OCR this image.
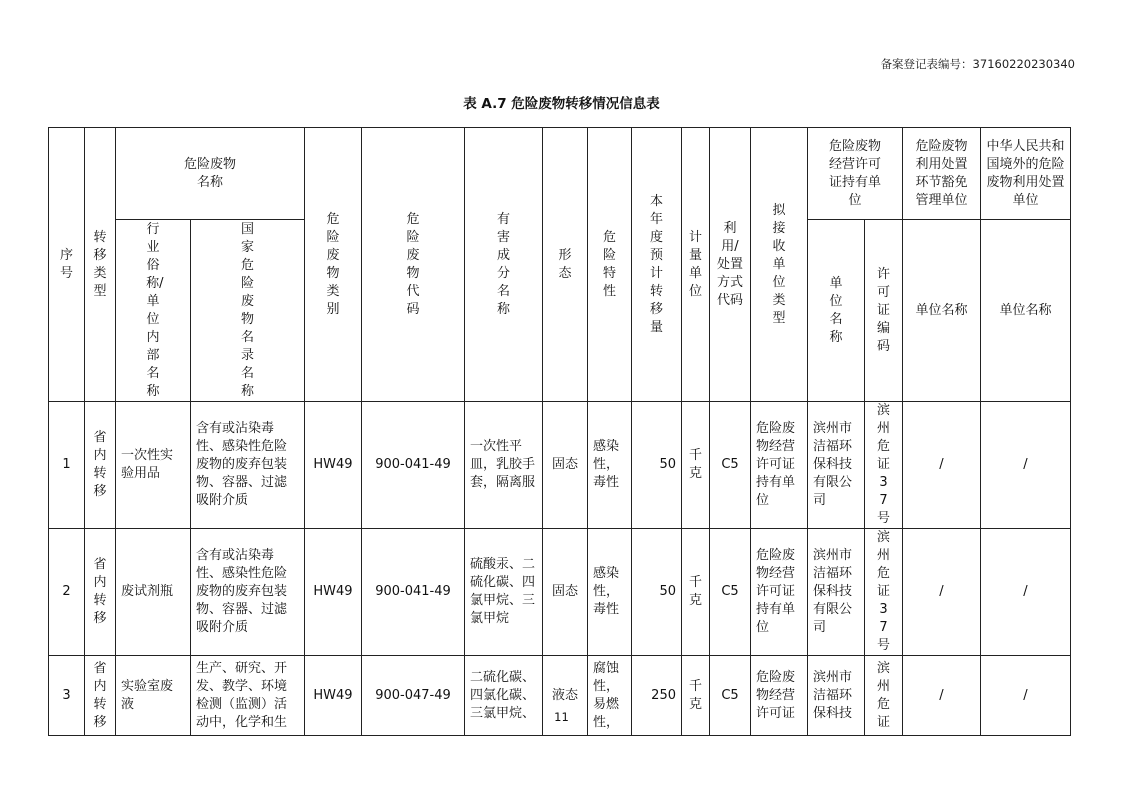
备案登记表编号：37160220230340
表 A.7 危险废物转移情况信息表
序号	转移类型	危险废物名称		危险废物类别	危险废物代码	有害成分名称	形态	危险特性	本年度预计转移量	计量单位	利用/处置方式代码	拟接收单位类型	危险废物经营许可证持有单位		危险废物利用处置环节豁免管理单位	中华人民共和国境外的危险废物利用处置单位
		行业俗称/单位内部名称	国家危险废物名录名称										单位名称	许可证编码	单位名称	单位名称
1	省内转移	一次性实验用品	含有或沾染毒性、感染性危险废物的废弃包装物、容器、过滤吸附介质	HW49	900-041-49	一次性平皿，乳胶手套，隔离服	固态	感染性，毒性	50	千克	C5	危险废物经营许可证持有单位	滨州市洁福环保科技有限公司	滨州危证37号	/	/
2	省内转移	废试剂瓶	含有或沾染毒性、感染性危险废物的废弃包装物、容器、过滤吸附介质	HW49	900-041-49	硫酸汞、二硫化碳、四氯甲烷、三氯甲烷	固态	感染性，毒性	50	千克	C5	危险废物经营许可证持有单位	滨州市洁福环保科技有限公司	滨州危证37号	/	/
3	省内转移	实验室废液	生产、研究、开发、教学、环境检测（监测）活动中，化学和生	HW49	900-047-49	二硫化碳、四氯化碳、三氯甲烷、	液态	腐蚀性，易燃性，	250	千克	C5	危险废物经营许可证	滨州市洁福环保科技	滨州危证	/	/
11
